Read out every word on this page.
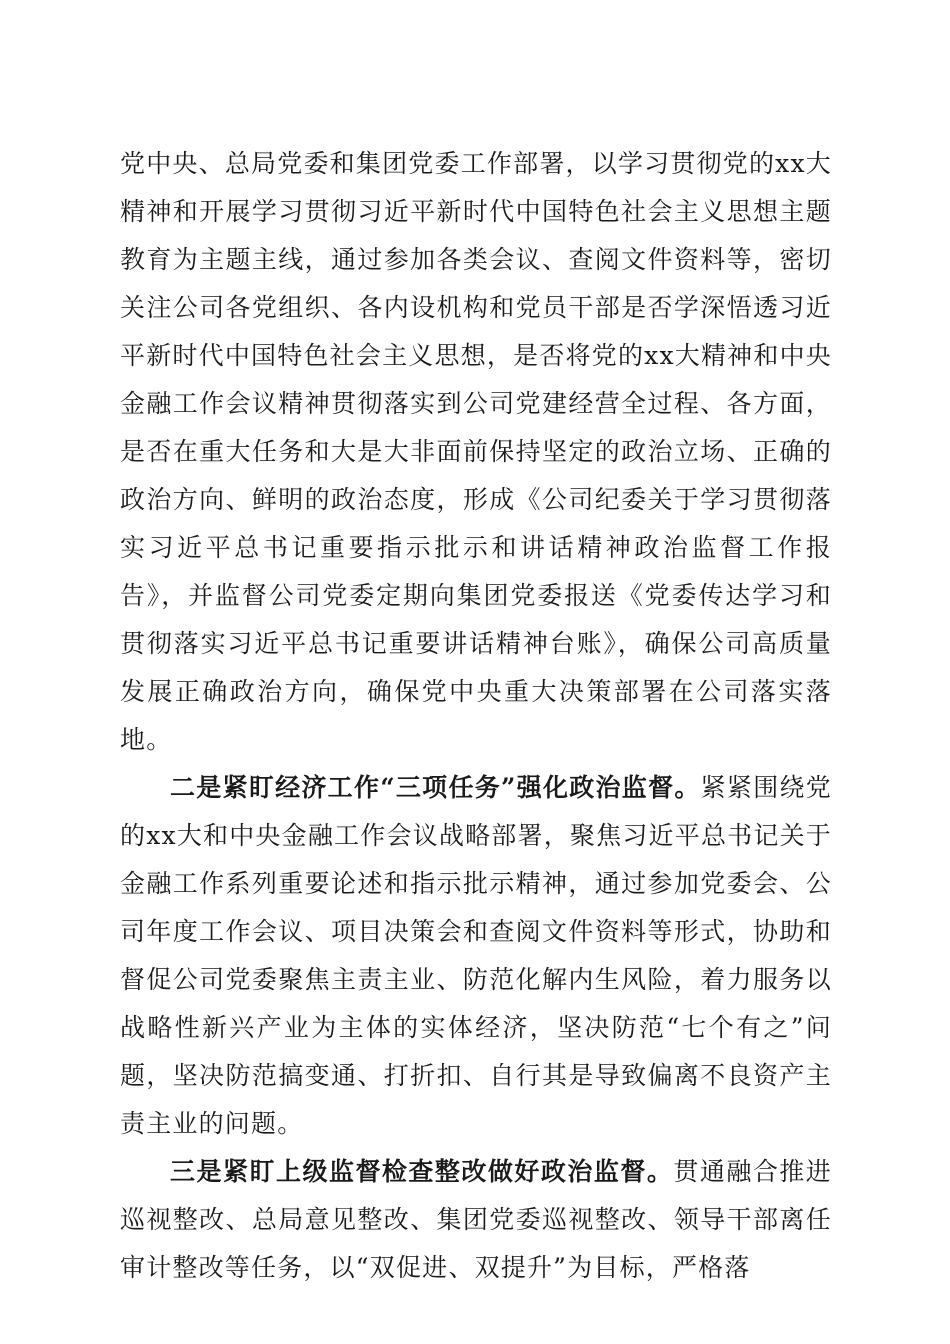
党中央、总局党委和集团党委工作部署，以学习贯彻党的xx大精神和开展学习贯彻习近平新时代中国特色社会主义思想主题教育为主题主线，通过参加各类会议、查阅文件资料等，密切关注公司各党组织、各内设机构和党员干部是否学深悟透习近平新时代中国特色社会主义思想，是否将党的xx大精神和中央金融工作会议精神贯彻落实到公司党建经营全过程、各方面，是否在重大任务和大是大非面前保持坚定的政治立场、正确的政治方向、鲜明的政治态度，形成《公司纪委关于学习贯彻落实习近平总书记重要指示批示和讲话精神政治监督工作报告》，并监督公司党委定期向集团党委报送《党委传达学习和贯彻落实习近平总书记重要讲话精神台账》，确保公司高质量发展正确政治方向，确保党中央重大决策部署在公司落实落地。

二是紧盯经济工作“三项任务”强化政治监督。紧紧围绕党的xx大和中央金融工作会议战略部署，聚焦习近平总书记关于金融工作系列重要论述和指示批示精神，通过参加党委会、公司年度工作会议、项目决策会和查阅文件资料等形式，协助和督促公司党委聚焦主责主业、防范化解内生风险，着力服务以战略性新兴产业为主体的实体经济，坚决防范“七个有之”问题，坚决防范搞变通、打折扣、自行其是导致偏离不良资产主责主业的问题。

三是紧盯上级监督检查整改做好政治监督。贯通融合推进巡视整改、总局意见整改、集团党委巡视整改、领导干部离任审计整改等任务，以“双促进、双提升”为目标，严格落
